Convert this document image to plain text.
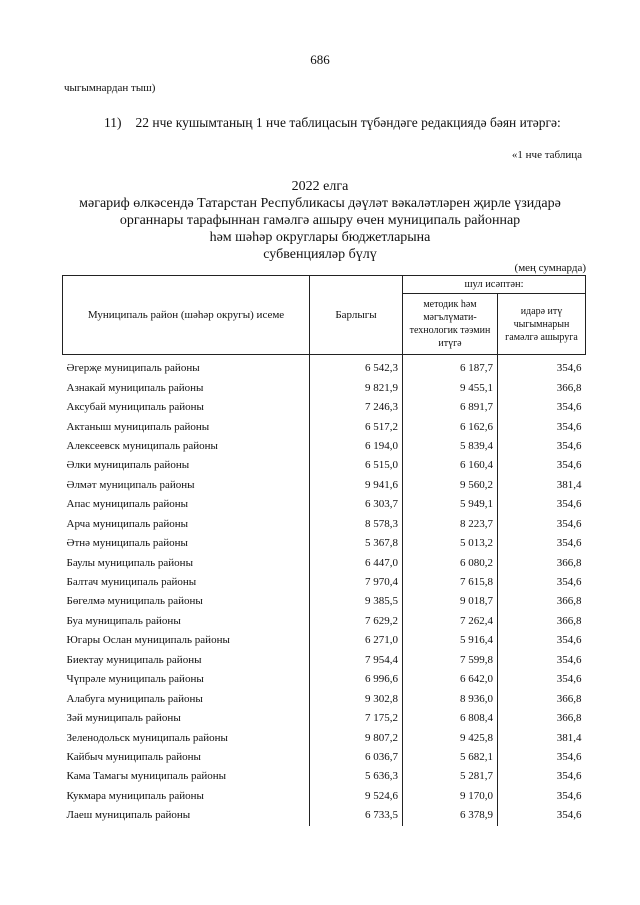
686
чыгымнардан тыш)
11) 22 нче кушымтаның 1 нче таблицасын түбәндәге редакциядә бәян итәргә:
«1 нче таблица
2022 елга
мәгариф өлкәсендә Татарстан Республикасы дәүләт вәкаләтләрен җирле үзидарә
органнары тарафыннан гамәлгә ашыру өчен муниципаль районнар
һәм шәһәр округлары бюджетларына
субвенцияләр бүлү
(мең сумнарда)
Муниципаль район (шәһәр округы) исеме	Барлыгы	шул исәптән:	
		методик һәм мәгълүмати-технологик тәэмин итүгә	идарә итү чыгымнарын гамәлгә ашыруга
Әгерҗе муниципаль районы	6 542,3	6 187,7	354,6
Азнакай муниципаль районы	9 821,9	9 455,1	366,8
Аксубай муниципаль районы	7 246,3	6 891,7	354,6
Актаныш муниципаль районы	6 517,2	6 162,6	354,6
Алексеевск муниципаль районы	6 194,0	5 839,4	354,6
Әлки муниципаль районы	6 515,0	6 160,4	354,6
Әлмәт муниципаль районы	9 941,6	9 560,2	381,4
Апас муниципаль районы	6 303,7	5 949,1	354,6
Арча муниципаль районы	8 578,3	8 223,7	354,6
Әтнә муниципаль районы	5 367,8	5 013,2	354,6
Баулы муниципаль районы	6 447,0	6 080,2	366,8
Балтач муниципаль районы	7 970,4	7 615,8	354,6
Бөгелмә муниципаль районы	9 385,5	9 018,7	366,8
Буа муниципаль районы	7 629,2	7 262,4	366,8
Югары Ослан муниципаль районы	6 271,0	5 916,4	354,6
Биектау муниципаль районы	7 954,4	7 599,8	354,6
Чүпрәле муниципаль районы	6 996,6	6 642,0	354,6
Алабуга муниципаль районы	9 302,8	8 936,0	366,8
Зәй муниципаль районы	7 175,2	6 808,4	366,8
Зеленодольск муниципаль районы	9 807,2	9 425,8	381,4
Кайбыч муниципаль районы	6 036,7	5 682,1	354,6
Кама Тамагы муниципаль районы	5 636,3	5 281,7	354,6
Кукмара муниципаль районы	9 524,6	9 170,0	354,6
Лаеш муниципаль районы	6 733,5	6 378,9	354,6
